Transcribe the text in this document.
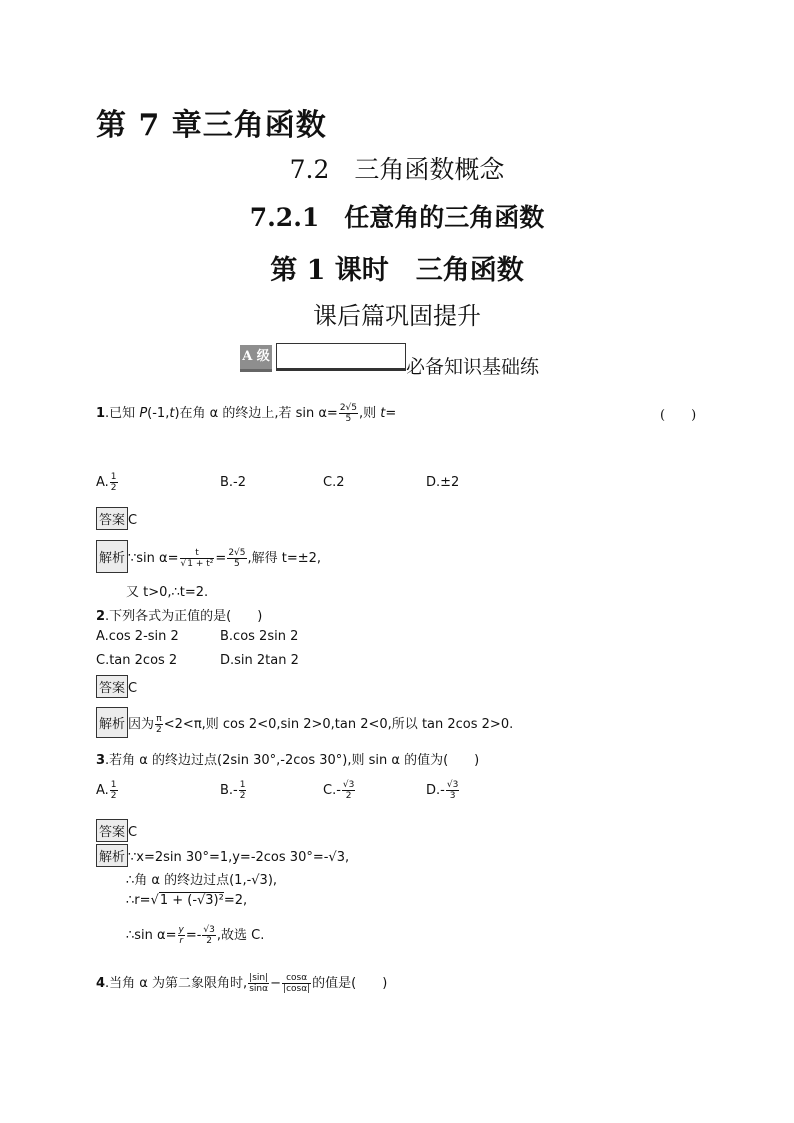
第 7 章三角函数
7.2　三角函数概念
7.2.1　任意角的三角函数
第 1 课时　三角函数
课后篇巩固提升
A 级	必备知识基础练
1.已知 P(-1,t)在角 α 的终边上,若 $\sin \alpha= \frac{2√5}{5}$ ,则 t=	(　　)
A. $\frac{1}{2}$	B.-2	C.2	D.±2
答案 C
解析 ∵sin $\alpha= \frac{t}{\text{√1 + t²}} = \frac{2√5}{5}$ ,解得 t=±2,
又 t>0,∴t=2.
2.下列各式为正值的是(　　)
A.cos 2-sin 2	B.cos 2sin 2
C.tan 2cos 2	D.sin 2tan 2
答案 C
解析 因为 $\frac{\pi}{2} <2<\pi$,则 cos 2<0,sin 2>0,tan 2<0,所以 tan 2cos 2>0.
3.若角 α 的终边过点(2sin 30°,-2cos 30°),则 sin α 的值为(　　)
A. $\frac{1}{2}$	$B.- \frac{1}{2}$	$C.- \frac{√3}{2}$	$D.- \frac{√3}{3}$
答案 C
解析 ∵x=2sin 30°=1,y=-2cos 30°=-√3,
∴角 α 的终边过点(1,-√3),
∴r=√1 + (-√3)²=2,
∴sin $\alpha= \frac{y}{r} =- \frac{√3}{2}$ ,故选 C.
4.当角 α 为第二象限角时, $\frac{|\sin|}{\sin\alpha} - \frac{\cos\alpha}{|\cos\alpha|}$ 的值是(　　)
